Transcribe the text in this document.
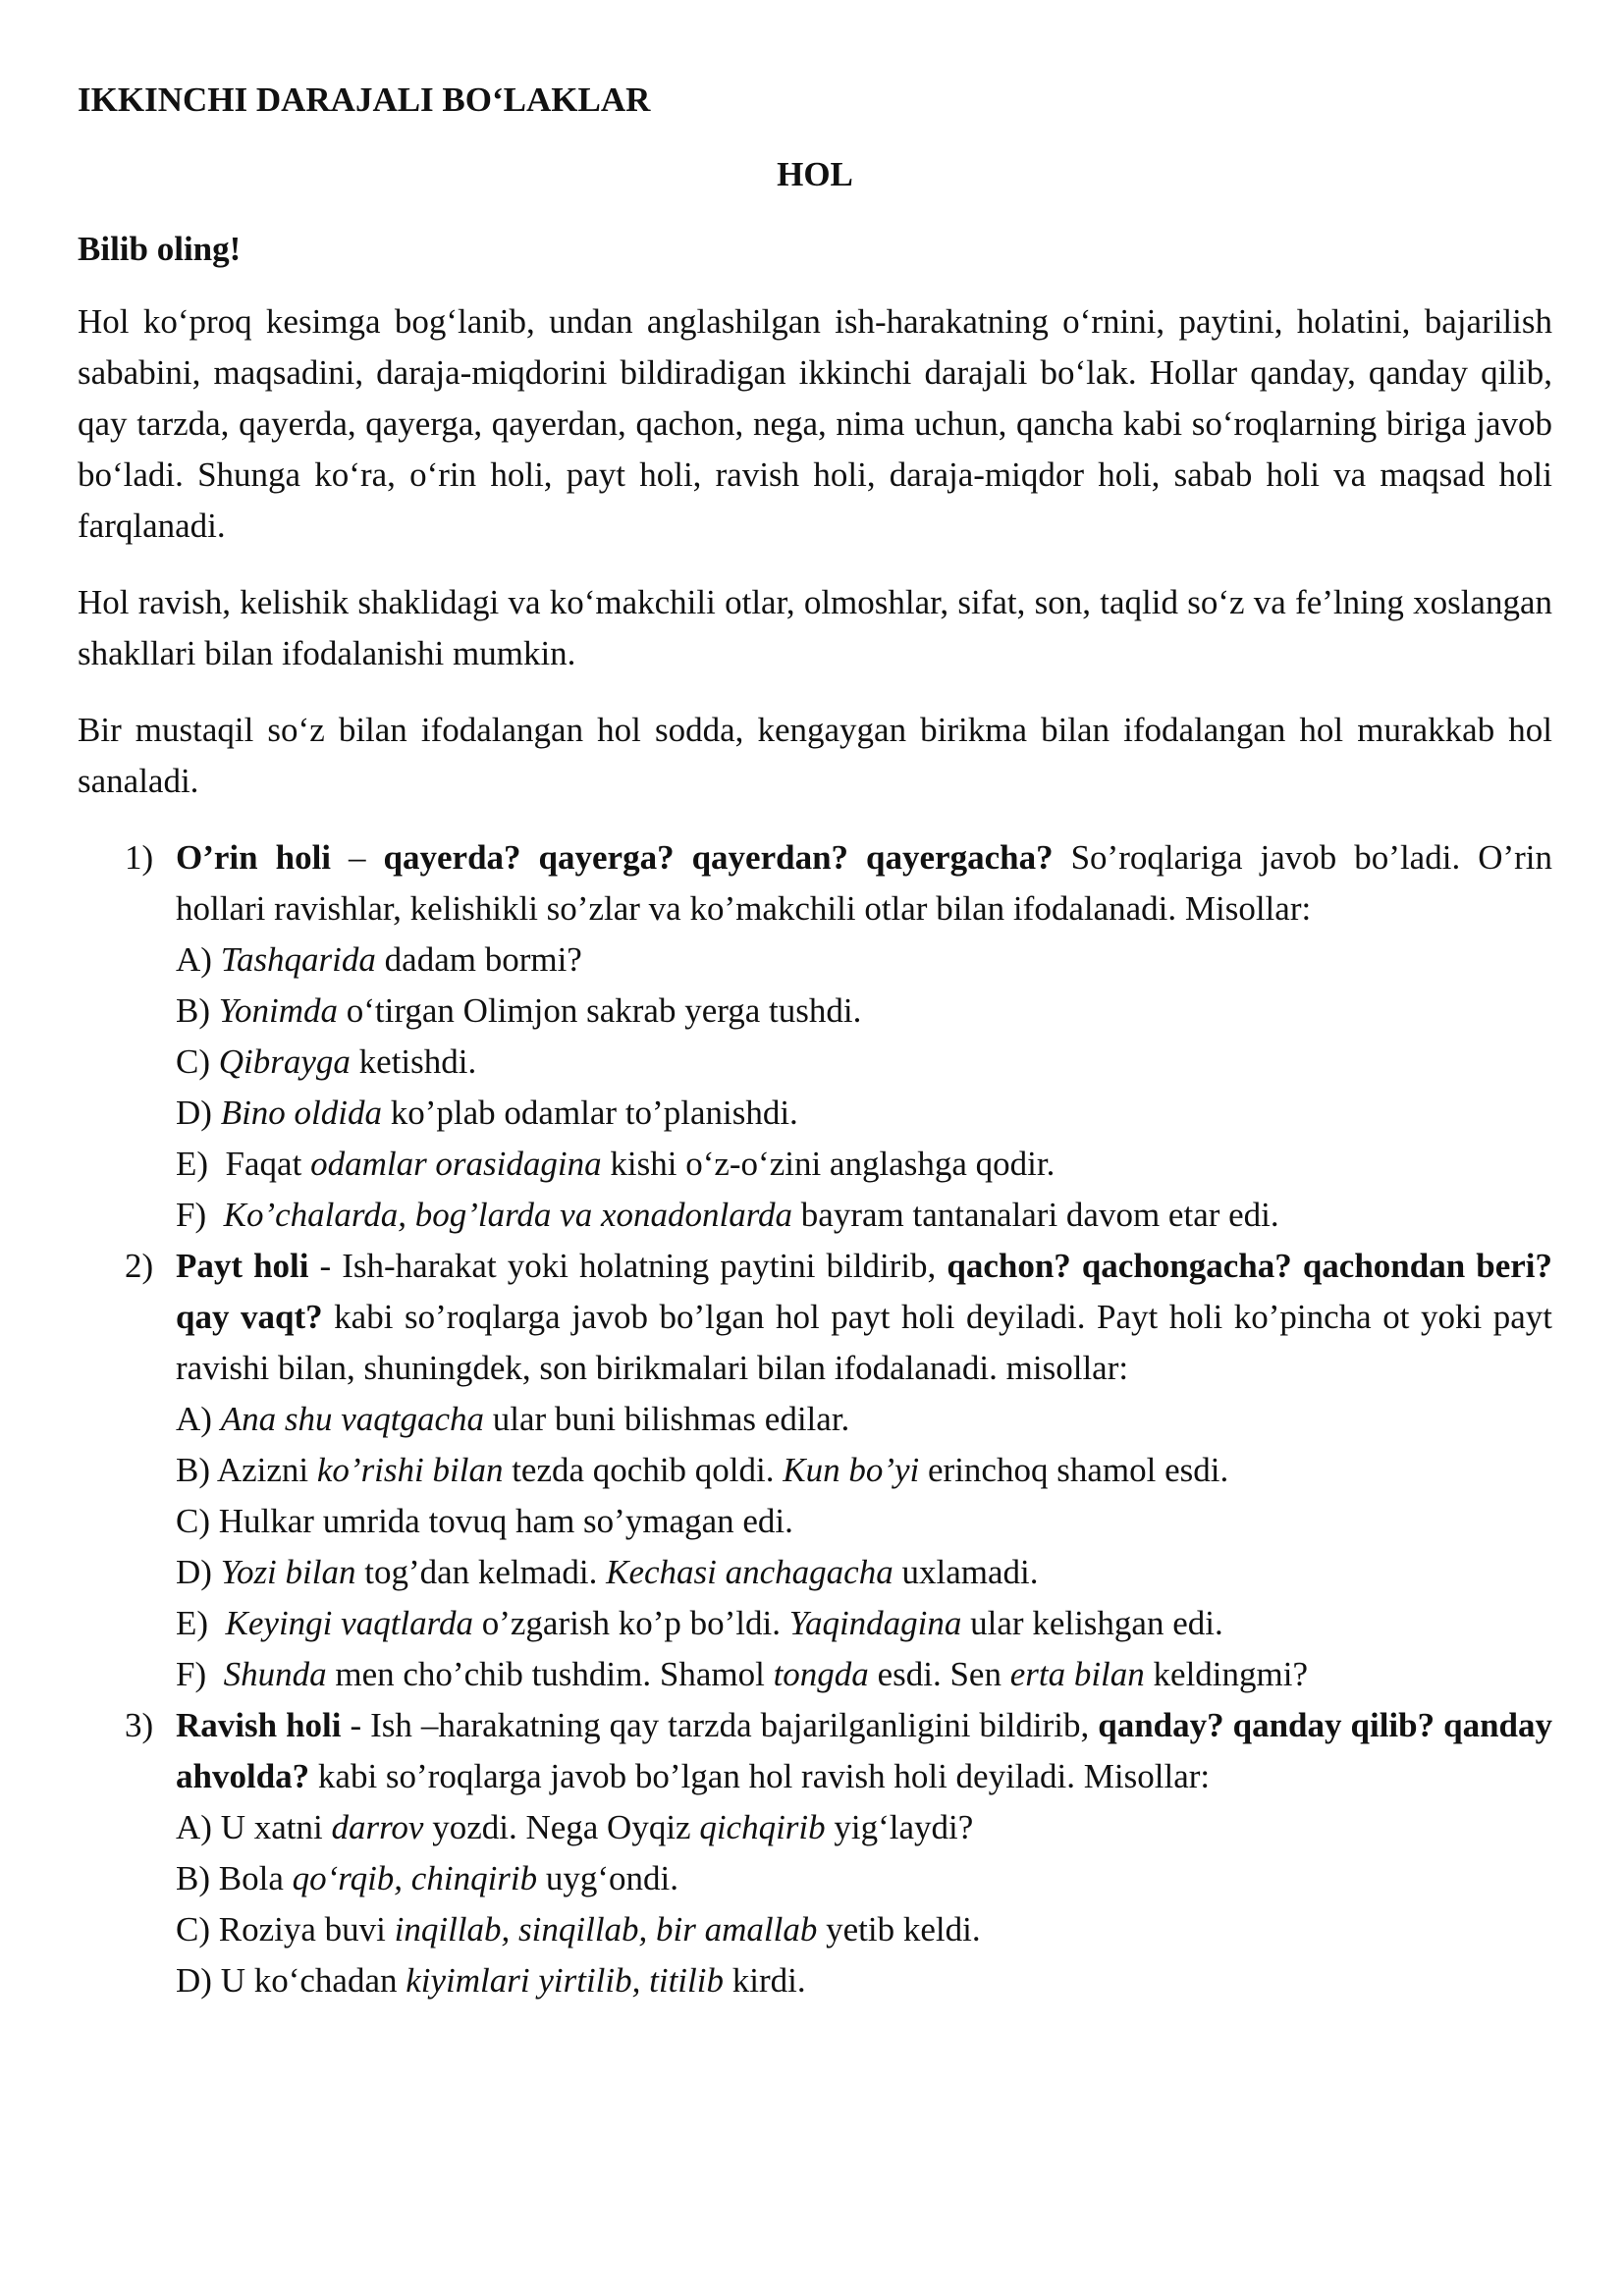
IKKINCHI DARAJALI BO‘LAKLAR
HOL
Bilib oling!

Hol ko‘proq kesimga bog‘lanib, undan anglashilgan ish-harakatning o‘rnini, paytini, holatini, bajarilish sababini, maqsadini, daraja-miqdorini bildiradigan ikkinchi darajali bo‘lak. Hollar qanday, qanday qilib, qay tarzda, qayerda, qayerga, qayerdan, qachon, nega, nima uchun, qancha kabi so‘roqlarning biriga javob bo‘ladi. Shunga ko‘ra, o‘rin holi, payt holi, ravish holi, daraja-miqdor holi, sabab holi va maqsad holi farqlanadi.

Hol ravish, kelishik shaklidagi va ko‘makchili otlar, olmoshlar, sifat, son, taqlid so‘z va fe’lning xoslangan shakllari bilan ifodalanishi mumkin.

Bir mustaqil so‘z bilan ifodalangan hol sodda, kengaygan birikma bilan ifodalangan hol murakkab hol sanaladi.

1) O’rin holi – qayerda? qayerga? qayerdan? qayergacha? So’roqlariga javob bo’ladi. O’rin hollari ravishlar, kelishikli so’zlar va ko’makchili otlar bilan ifodalanadi. Misollar:
A) Tashqarida dadam bormi?
B) Yonimda o‘tirgan Olimjon sakrab yerga tushdi.
C) Qibrayga ketishdi.
D) Bino oldida ko’plab odamlar to’planishdi.
E)  Faqat odamlar orasidagina kishi o‘z-o‘zini anglashga qodir.
F) Ko’chalarda, bog’larda va xonadonlarda bayram tantanalari davom etar edi.
2) Payt holi - Ish-harakat yoki holatning paytini bildirib, qachon? qachongacha? qachondan beri? qay vaqt? kabi so’roqlarga javob bo’lgan hol payt holi deyiladi. Payt holi ko’pincha ot yoki payt ravishi bilan, shuningdek, son birikmalari bilan ifodalanadi. misollar:
A) Ana shu vaqtgacha ular buni bilishmas edilar.
B) Azizni ko’rishi bilan tezda qochib qoldi. Kun bo’yi erinchoq shamol esdi.
C) Hulkar umrida tovuq ham so’ymagan edi.
D) Yozi bilan tog’dan kelmadi. Kechasi anchagacha uxlamadi.
E) Keyingi vaqtlarda o’zgarish ko’p bo’ldi. Yaqindagina ular kelishgan edi.
F) Shunda men cho’chib tushdim. Shamol tongda esdi. Sen erta bilan keldingmi?
3) Ravish holi - Ish –harakatning qay tarzda bajarilganligini bildirib, qanday? qanday qilib? qanday ahvolda? kabi so’roqlarga javob bo’lgan hol ravish holi deyiladi. Misollar:
A) U xatni darrov yozdi. Nega Oyqiz qichqirib yig‘laydi?
B) Bola qo‘rqib, chinqirib uyg‘ondi.
C) Roziya buvi inqillab, sinqillab, bir amallab yetib keldi.
D) U ko‘chadan kiyimlari yirtilib, titilib kirdi.
